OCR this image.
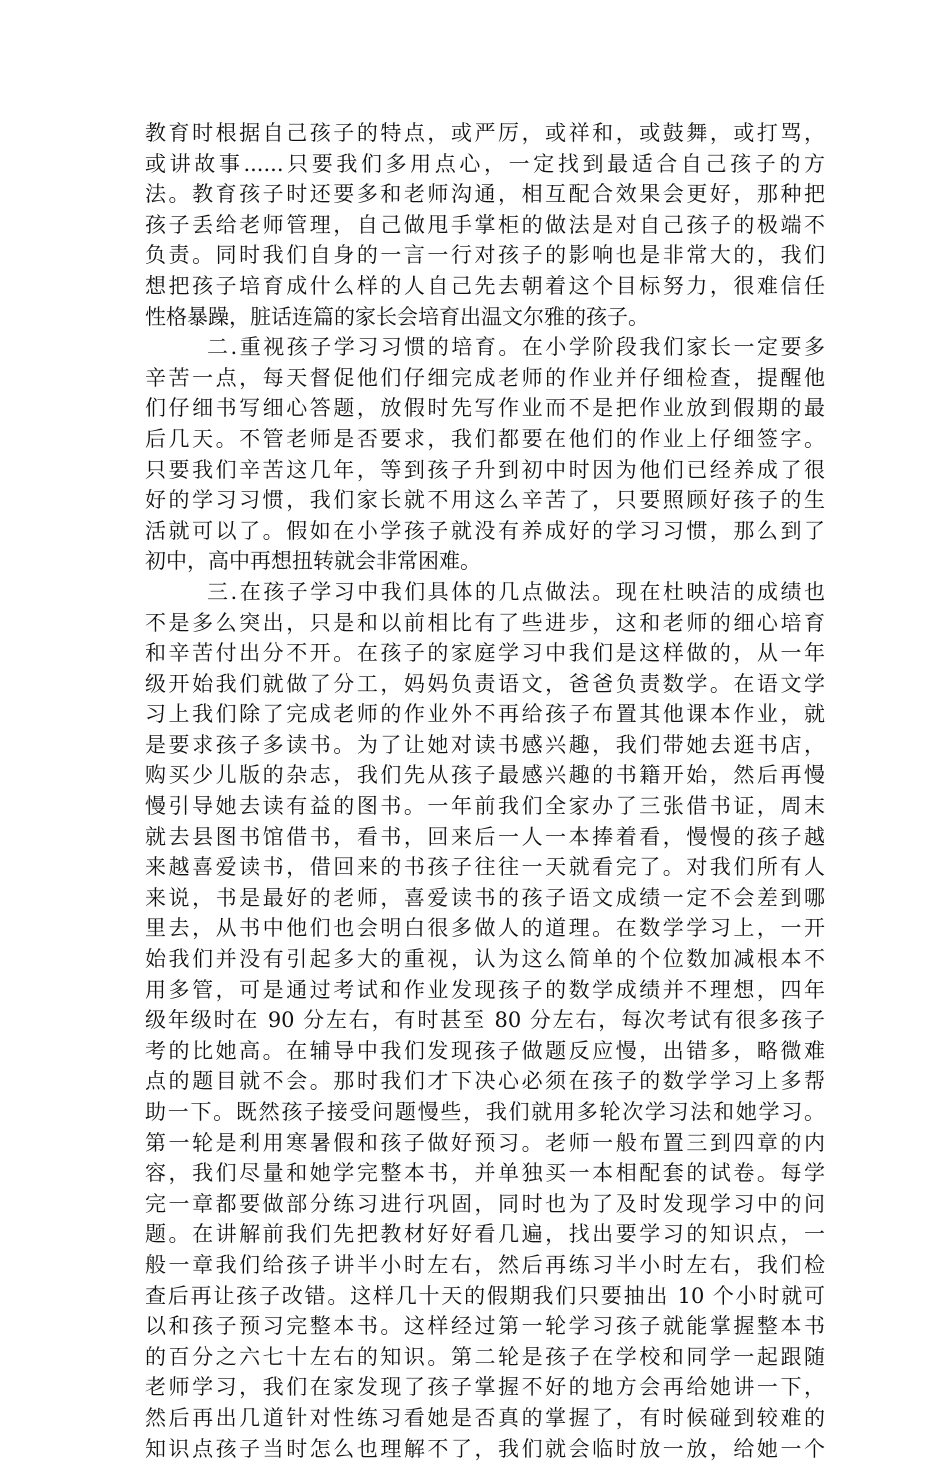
教育时根据自己孩子的特点，或严厉，或祥和，或鼓舞，或打骂，
或讲故事......只要我们多用点心，一定找到最适合自己孩子的方
法。教育孩子时还要多和老师沟通，相互配合效果会更好，那种把
孩子丢给老师管理，自己做甩手掌柜的做法是对自己孩子的极端不
负责。同时我们自身的一言一行对孩子的影响也是非常大的，我们
想把孩子培育成什么样的人自己先去朝着这个目标努力，很难信任
性格暴躁，脏话连篇的家长会培育出温文尔雅的孩子。
二.重视孩子学习习惯的培育。在小学阶段我们家长一定要多
辛苦一点，每天督促他们仔细完成老师的作业并仔细检查，提醒他
们仔细书写细心答题，放假时先写作业而不是把作业放到假期的最
后几天。不管老师是否要求，我们都要在他们的作业上仔细签字。
只要我们辛苦这几年，等到孩子升到初中时因为他们已经养成了很
好的学习习惯，我们家长就不用这么辛苦了，只要照顾好孩子的生
活就可以了。假如在小学孩子就没有养成好的学习习惯，那么到了
初中，高中再想扭转就会非常困难。
三.在孩子学习中我们具体的几点做法。现在杜映洁的成绩也
不是多么突出，只是和以前相比有了些进步，这和老师的细心培育
和辛苦付出分不开。在孩子的家庭学习中我们是这样做的，从一年
级开始我们就做了分工，妈妈负责语文，爸爸负责数学。在语文学
习上我们除了完成老师的作业外不再给孩子布置其他课本作业，就
是要求孩子多读书。为了让她对读书感兴趣，我们带她去逛书店，
购买少儿版的杂志，我们先从孩子最感兴趣的书籍开始，然后再慢
慢引导她去读有益的图书。一年前我们全家办了三张借书证，周末
就去县图书馆借书，看书，回来后一人一本捧着看，慢慢的孩子越
来越喜爱读书，借回来的书孩子往往一天就看完了。对我们所有人
来说，书是最好的老师，喜爱读书的孩子语文成绩一定不会差到哪
里去，从书中他们也会明白很多做人的道理。在数学学习上，一开
始我们并没有引起多大的重视，认为这么简单的个位数加减根本不
用多管，可是通过考试和作业发现孩子的数学成绩并不理想，四年
级年级时在 90 分左右，有时甚至 80 分左右，每次考试有很多孩子
考的比她高。在辅导中我们发现孩子做题反应慢，出错多，略微难
点的题目就不会。那时我们才下决心必须在孩子的数学学习上多帮
助一下。既然孩子接受问题慢些，我们就用多轮次学习法和她学习。
第一轮是利用寒暑假和孩子做好预习。老师一般布置三到四章的内
容，我们尽量和她学完整本书，并单独买一本相配套的试卷。每学
完一章都要做部分练习进行巩固，同时也为了及时发现学习中的问
题。在讲解前我们先把教材好好看几遍，找出要学习的知识点，一
般一章我们给孩子讲半小时左右，然后再练习半小时左右，我们检
查后再让孩子改错。这样几十天的假期我们只要抽出 10 个小时就可
以和孩子预习完整本书。这样经过第一轮学习孩子就能掌握整本书
的百分之六七十左右的知识。第二轮是孩子在学校和同学一起跟随
老师学习，我们在家发现了孩子掌握不好的地方会再给她讲一下，
然后再出几道针对性练习看她是否真的掌握了，有时候碰到较难的
知识点孩子当时怎么也理解不了，我们就会临时放一放，给她一个
